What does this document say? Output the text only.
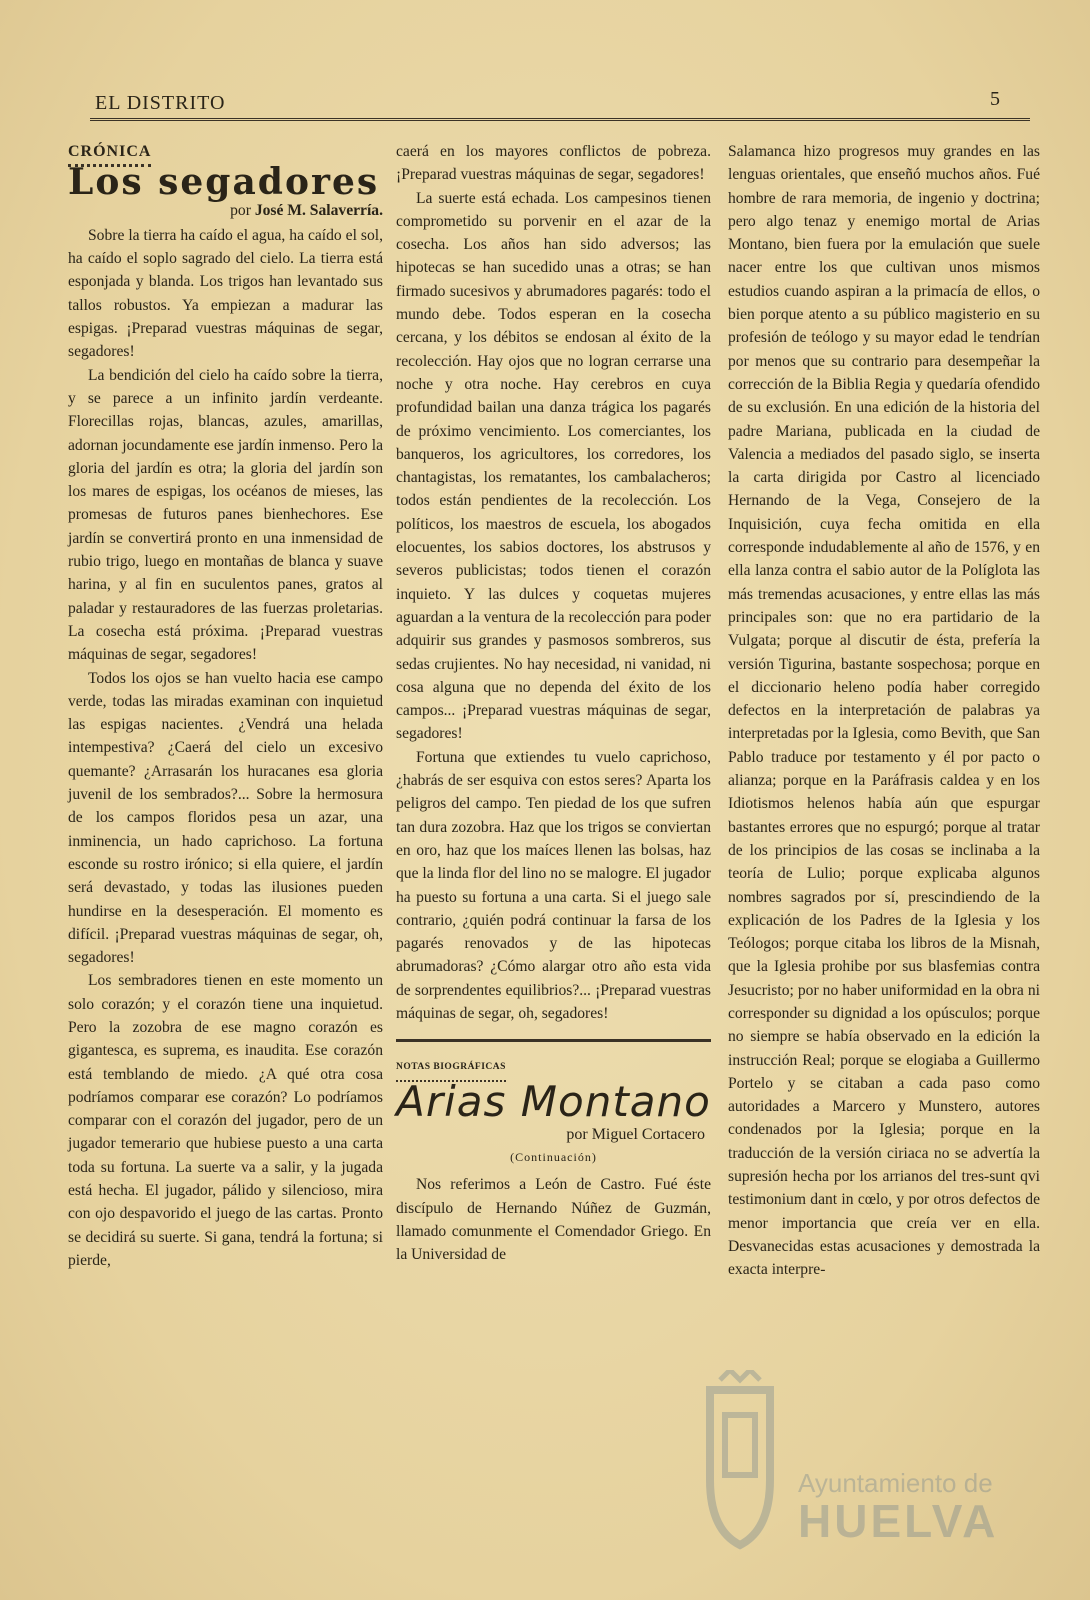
EL DISTRITO	5
CRÓNICA
Los segadores
por José M. Salaverría.

Sobre la tierra ha caído el agua, ha caído el sol, ha caído el soplo sagrado del cielo. La tierra está esponjada y blanda. Los trigos han levantado sus tallos robustos. Ya empiezan a madurar las espigas. ¡Preparad vuestras máquinas de segar, segadores!

La bendición del cielo ha caído sobre la tierra, y se parece a un infinito jardín verdeante. Florecillas rojas, blancas, azules, amarillas, adornan jocundamente ese jardín inmenso. Pero la gloria del jardín es otra; la gloria del jardín son los mares de espigas, los océanos de mieses, las promesas de futuros panes bienhechores. Ese jardín se convertirá pronto en una inmensidad de rubio trigo, luego en montañas de blanca y suave harina, y al fin en suculentos panes, gratos al paladar y restauradores de las fuerzas proletarias. La cosecha está próxima. ¡Preparad vuestras máquinas de segar, segadores!

Todos los ojos se han vuelto hacia ese campo verde, todas las miradas examinan con inquietud las espigas nacientes. ¿Vendrá una helada intempestiva? ¿Caerá del cielo un excesivo quemante? ¿Arrasarán los huracanes esa gloria juvenil de los sembrados?... Sobre la hermosura de los campos floridos pesa un azar, una inminencia, un hado caprichoso. La fortuna esconde su rostro irónico; si ella quiere, el jardín será devastado, y todas las ilusiones pueden hundirse en la desesperación. El momento es difícil. ¡Preparad vuestras máquinas de segar, oh, segadores!

Los sembradores tienen en este momento un solo corazón; y el corazón tiene una inquietud. Pero la zozobra de ese magno corazón es gigantesca, es suprema, es inaudita. Ese corazón está temblando de miedo. ¿A qué otra cosa podríamos comparar ese corazón? Lo podríamos comparar con el corazón del jugador, pero de un jugador temerario que hubiese puesto a una carta toda su fortuna. La suerte va a salir, y la jugada está hecha. El jugador, pálido y silencioso, mira con ojo despavorido el juego de las cartas. Pronto se decidirá su suerte. Si gana, tendrá la fortuna; si pierde,

caerá en los mayores conflictos de pobreza. ¡Preparad vuestras máquinas de segar, segadores!

La suerte está echada. Los campesinos tienen comprometido su porvenir en el azar de la cosecha. Los años han sido adversos; las hipotecas se han sucedido unas a otras; se han firmado sucesivos y abrumadores pagarés: todo el mundo debe. Todos esperan en la cosecha cercana, y los débitos se endosan al éxito de la recolección. Hay ojos que no logran cerrarse una noche y otra noche. Hay cerebros en cuya profundidad bailan una danza trágica los pagarés de próximo vencimiento. Los comerciantes, los banqueros, los agricultores, los corredores, los chantagistas, los rematantes, los cambalacheros; todos están pendientes de la recolección. Los políticos, los maestros de escuela, los abogados elocuentes, los sabios doctores, los abstrusos y severos publicistas; todos tienen el corazón inquieto. Y las dulces y coquetas mujeres aguardan a la ventura de la recolección para poder adquirir sus grandes y pasmosos sombreros, sus sedas crujientes. No hay necesidad, ni vanidad, ni cosa alguna que no dependa del éxito de los campos... ¡Preparad vuestras máquinas de segar, segadores!

Fortuna que extiendes tu vuelo caprichoso, ¿habrás de ser esquiva con estos seres? Aparta los peligros del campo. Ten piedad de los que sufren tan dura zozobra. Haz que los trigos se conviertan en oro, haz que los maíces llenen las bolsas, haz que la linda flor del lino no se malogre. El jugador ha puesto su fortuna a una carta. Si el juego sale contrario, ¿quién podrá continuar la farsa de los pagarés renovados y de las hipotecas abrumadoras? ¿Cómo alargar otro año esta vida de sorprendentes equilibrios?... ¡Preparad vuestras máquinas de segar, oh, segadores!

NOTAS BIOGRÁFICAS
Arias Montano
por Miguel Cortacero
(Continuación)

Nos referimos a León de Castro. Fué éste discípulo de Hernando Núñez de Guzmán, llamado comunmente el Comendador Griego. En la Universidad de

Salamanca hizo progresos muy grandes en las lenguas orientales, que enseñó muchos años. Fué hombre de rara memoria, de ingenio y doctrina; pero algo tenaz y enemigo mortal de Arias Montano, bien fuera por la emulación que suele nacer entre los que cultivan unos mismos estudios cuando aspiran a la primacía de ellos, o bien porque atento a su público magisterio en su profesión de teólogo y su mayor edad le tendrían por menos que su contrario para desempeñar la corrección de la Biblia Regia y quedaría ofendido de su exclusión. En una edición de la historia del padre Mariana, publicada en la ciudad de Valencia a mediados del pasado siglo, se inserta la carta dirigida por Castro al licenciado Hernando de la Vega, Consejero de la Inquisición, cuya fecha omitida en ella corresponde indudablemente al año de 1576, y en ella lanza contra el sabio autor de la Políglota las más tremendas acusaciones, y entre ellas las más principales son: que no era partidario de la Vulgata; porque al discutir de ésta, prefería la versión Tigurina, bastante sospechosa; porque en el diccionario heleno podía haber corregido defectos en la interpretación de palabras ya interpretadas por la Iglesia, como Bevith, que San Pablo traduce por testamento y él por pacto o alianza; porque en la Paráfrasis caldea y en los Idiotismos helenos había aún que espurgar bastantes errores que no espurgó; porque al tratar de los principios de las cosas se inclinaba a la teoría de Lulio; porque explicaba algunos nombres sagrados por sí, prescindiendo de la explicación de los Padres de la Iglesia y los Teólogos; porque citaba los libros de la Misnah, que la Iglesia prohibe por sus blasfemias contra Jesucristo; por no haber uniformidad en la obra ni corresponder su dignidad a los opúsculos; porque no siempre se había observado en la edición la instrucción Real; porque se elogiaba a Guillermo Portelo y se citaban a cada paso como autoridades a Marcero y Munstero, autores condenados por la Iglesia; porque en la traducción de la versión ciriaca no se advertía la supresión hecha por los arrianos del tres-sunt qvi testimonium dant in cœlo, y por otros defectos de menor importancia que creía ver en ella. Desvanecidas estas acusaciones y demostrada la exacta interpre-

Ayuntamiento de
HUELVA
